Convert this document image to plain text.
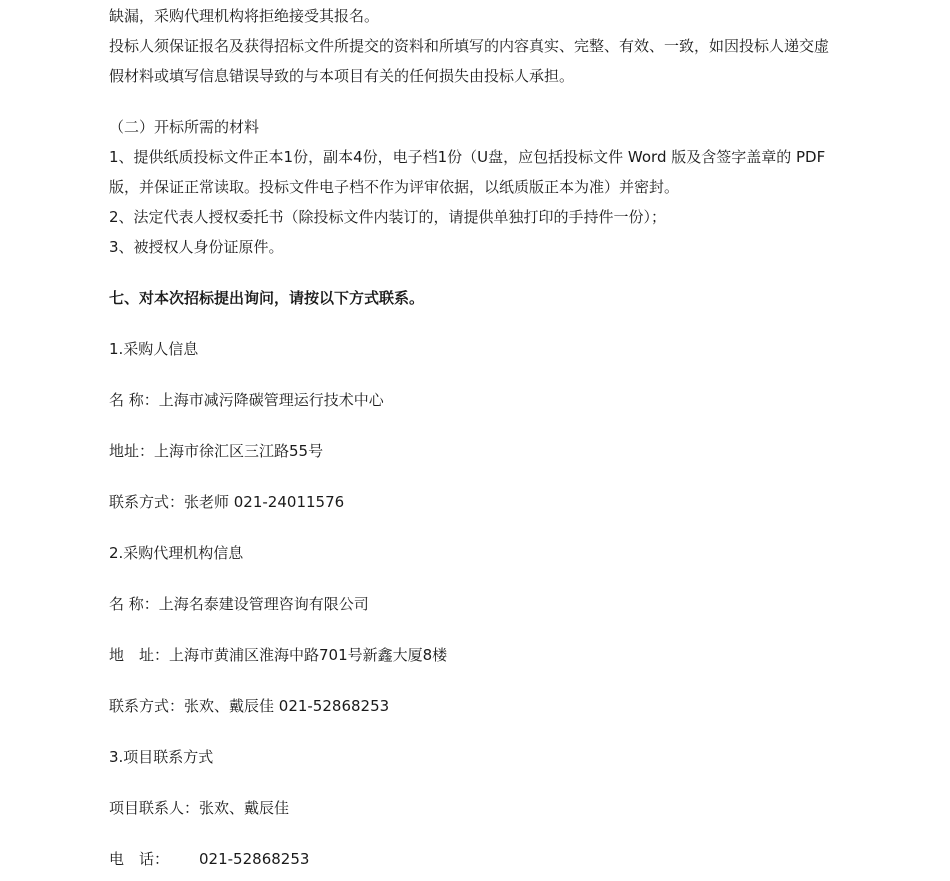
缺漏，采购代理机构将拒绝接受其报名。
投标人须保证报名及获得招标文件所提交的资料和所填写的内容真实、完整、有效、一致，如因投标人递交虚
假材料或填写信息错误导致的与本项目有关的任何损失由投标人承担。
（二）开标所需的材料
1、提供纸质投标文件正本1份，副本4份，电子档1份（U盘，应包括投标文件 Word 版及含签字盖章的 PDF
版，并保证正常读取。投标文件电子档不作为评审依据，以纸质版正本为准）并密封。
2、法定代表人授权委托书（除投标文件内装订的，请提供单独打印的手持件一份）；
3、被授权人身份证原件。
七、对本次招标提出询问，请按以下方式联系。
1.采购人信息
名 称：上海市减污降碳管理运行技术中心
地址：上海市徐汇区三江路55号
联系方式：张老师 021-24011576
2.采购代理机构信息
名 称：上海名泰建设管理咨询有限公司
地　址：上海市黄浦区淮海中路701号新鑫大厦8楼
联系方式：张欢、戴辰佳 021-52868253
3.项目联系方式
项目联系人：张欢、戴辰佳
电　话： 021-52868253
